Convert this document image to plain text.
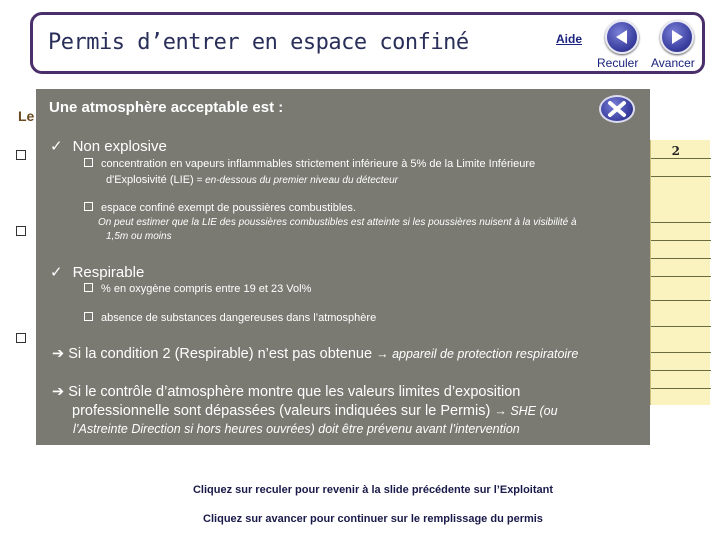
Permis d’entrer en espace confiné	Aide
Reculer Avancer
Le
2
Une atmosphère acceptable est :
✓ Non explosive
concentration en vapeurs inflammables strictement inférieure à 5% de la Limite Inférieure
d'Explosivité (LIE) = en-dessous du premier niveau du détecteur
espace confiné exempt de poussières combustibles.
On peut estimer que la LIE des poussières combustibles est atteinte si les poussières nuisent à la visibilité à
1,5m ou moins
✓ Respirable
% en oxygène compris entre 19 et 23 Vol%
absence de substances dangereuses dans l’atmosphère
➔ Si la condition 2 (Respirable) n’est pas obtenue → appareil de protection respiratoire
➔ Si le contrôle d’atmosphère montre que les valeurs limites d’exposition
professionnelle sont dépassées (valeurs indiquées sur le Permis) → SHE (ou
l’Astreinte Direction si hors heures ouvrées) doit être prévenu avant l’intervention
Cliquez sur reculer pour revenir à la slide précédente sur l’Exploitant
Cliquez sur avancer pour continuer sur le remplissage du permis
